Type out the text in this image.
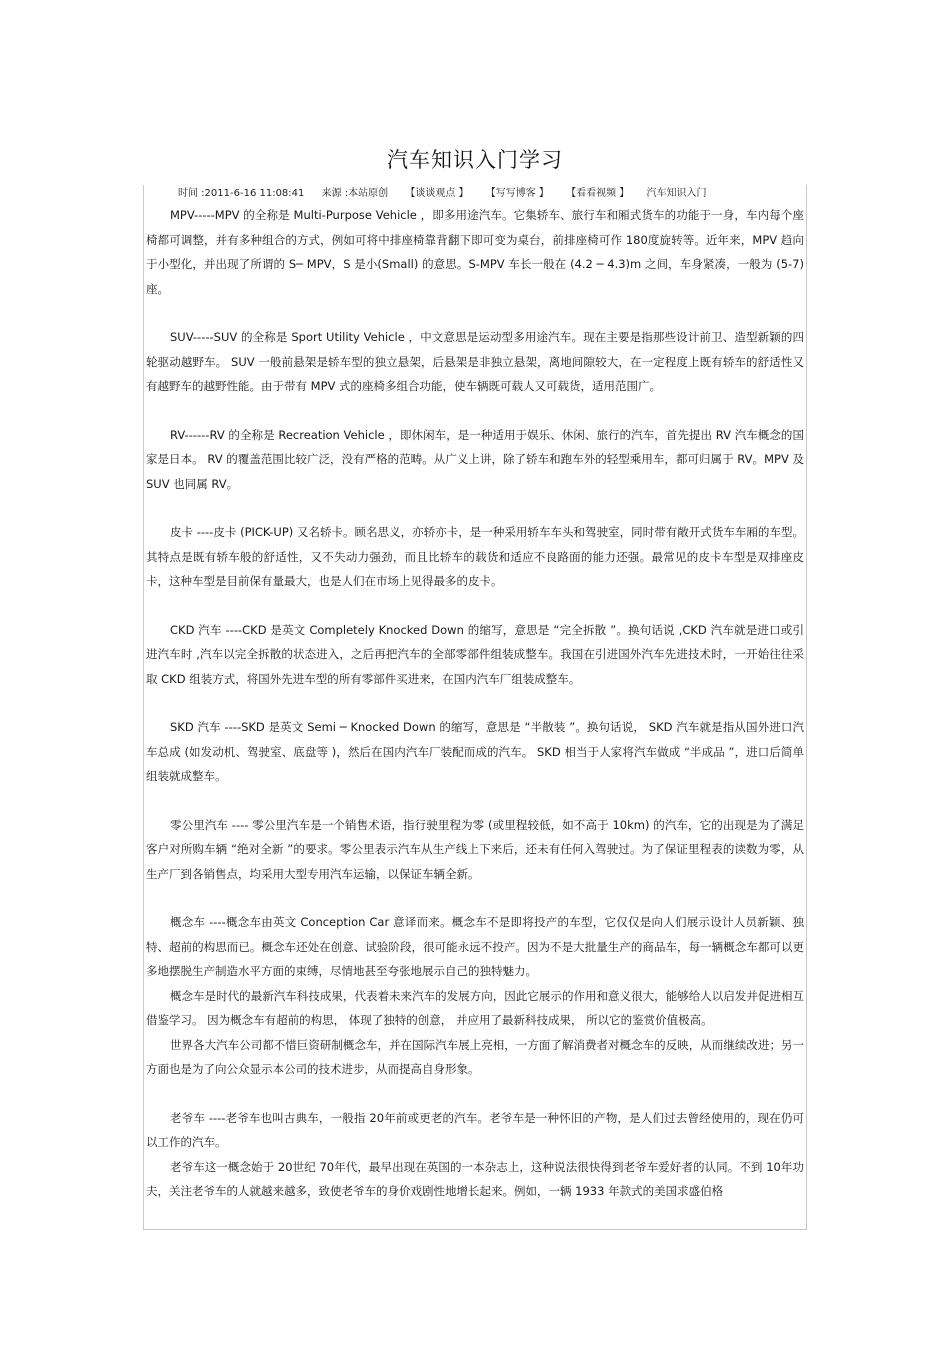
汽车知识入门学习
时间 :2011-6-16 11:08:41 来源 :本站原创 【谈谈观点 】 【写写博客 】 【看看视频 】 汽车知识入门

MPV-----MPV 的全称是 Multi-Purpose Vehicle ，即多用途汽车。它集轿车、旅行车和厢式货车的功能于一身，车内每个座椅都可调整，并有多种组合的方式，例如可将中排座椅靠背翻下即可变为桌台，前排座椅可作 180度旋转等。近年来，MPV 趋向于小型化，并出现了所谓的 S─ MPV，S 是小(Small) 的意思。S-MPV 车长一般在 (4.2 ─ 4.3)m 之间，车身紧凑，一般为 (5-7) 座。

SUV-----SUV 的全称是 Sport Utility Vehicle ，中文意思是运动型多用途汽车。现在主要是指那些设计前卫、造型新颖的四轮驱动越野车。 SUV 一般前悬架是轿车型的独立悬架，后悬架是非独立悬架，离地间隙较大，在一定程度上既有轿车的舒适性又有越野车的越野性能。由于带有 MPV 式的座椅多组合功能，使车辆既可载人又可载货，适用范围广。

RV------RV 的全称是 Recreation Vehicle ，即休闲车，是一种适用于娱乐、休闲、旅行的汽车，首先提出 RV 汽车概念的国家是日本。 RV 的覆盖范围比较广泛，没有严格的范畴。从广义上讲，除了轿车和跑车外的轻型乘用车，都可归属于 RV。MPV 及 SUV 也同属 RV。

皮卡 ----皮卡 (PICK-UP) 又名轿卡。顾名思义，亦轿亦卡，是一种采用轿车车头和驾驶室，同时带有敞开式货车车厢的车型。其特点是既有轿车般的舒适性，又不失动力强劲，而且比轿车的载货和适应不良路面的能力还强。最常见的皮卡车型是双排座皮卡，这种车型是目前保有量最大，也是人们在市场上见得最多的皮卡。

CKD 汽车 ----CKD 是英文 Completely Knocked Down 的缩写，意思是 “完全拆散 ”。换句话说 ,CKD 汽车就是进口或引进汽车时 ,汽车以完全拆散的状态进入，之后再把汽车的全部零部件组装成整车。我国在引进国外汽车先进技术时，一开始往往采取 CKD 组装方式，将国外先进车型的所有零部件买进来，在国内汽车厂组装成整车。

SKD 汽车 ----SKD 是英文 Semi ─ Knocked Down 的缩写，意思是 “半散装 ”。换句话说， SKD 汽车就是指从国外进口汽车总成 (如发动机、驾驶室、底盘等 )，然后在国内汽车厂装配而成的汽车。 SKD 相当于人家将汽车做成 “半成品 ”，进口后简单组装就成整车。

零公里汽车 ---- 零公里汽车是一个销售术语，指行驶里程为零 (或里程较低，如不高于 10km) 的汽车，它的出现是为了满足客户对所购车辆 “绝对全新 ”的要求。零公里表示汽车从生产线上下来后，还未有任何入驾驶过。为了保证里程表的读数为零，从生产厂到各销售点，均采用大型专用汽车运输，以保证车辆全新。

概念车 ----概念车由英文 Conception Car 意译而来。概念车不是即将投产的车型，它仅仅是向人们展示设计人员新颖、独特、超前的构思而已。概念车还处在创意、试验阶段，很可能永远不投产。因为不是大批量生产的商品车，每一辆概念车都可以更多地摆脱生产制造水平方面的束缚，尽情地甚至夸张地展示自己的独特魅力。

概念车是时代的最新汽车科技成果，代表着未来汽车的发展方向，因此它展示的作用和意义很大，能够给人以启发并促进相互借鉴学习。 因为概念车有超前的构思， 体现了独特的创意， 并应用了最新科技成果， 所以它的鉴赏价值极高。

世界各大汽车公司都不惜巨资研制概念车，并在国际汽车展上亮相，一方面了解消费者对概念车的反映，从而继续改进；另一方面也是为了向公众显示本公司的技术进步，从而提高自身形象。

老爷车 ----老爷车也叫古典车，一般指 20年前或更老的汽车。老爷车是一种怀旧的产物，是人们过去曾经使用的，现在仍可以工作的汽车。

老爷车这一概念始于 20世纪 70年代，最早出现在英国的一本杂志上，这种说法很快得到老爷车爱好者的认同。不到 10年功夫，关注老爷车的人就越来越多，致使老爷车的身价戏剧性地增长起来。例如，一辆 1933 年款式的美国求盛伯格
